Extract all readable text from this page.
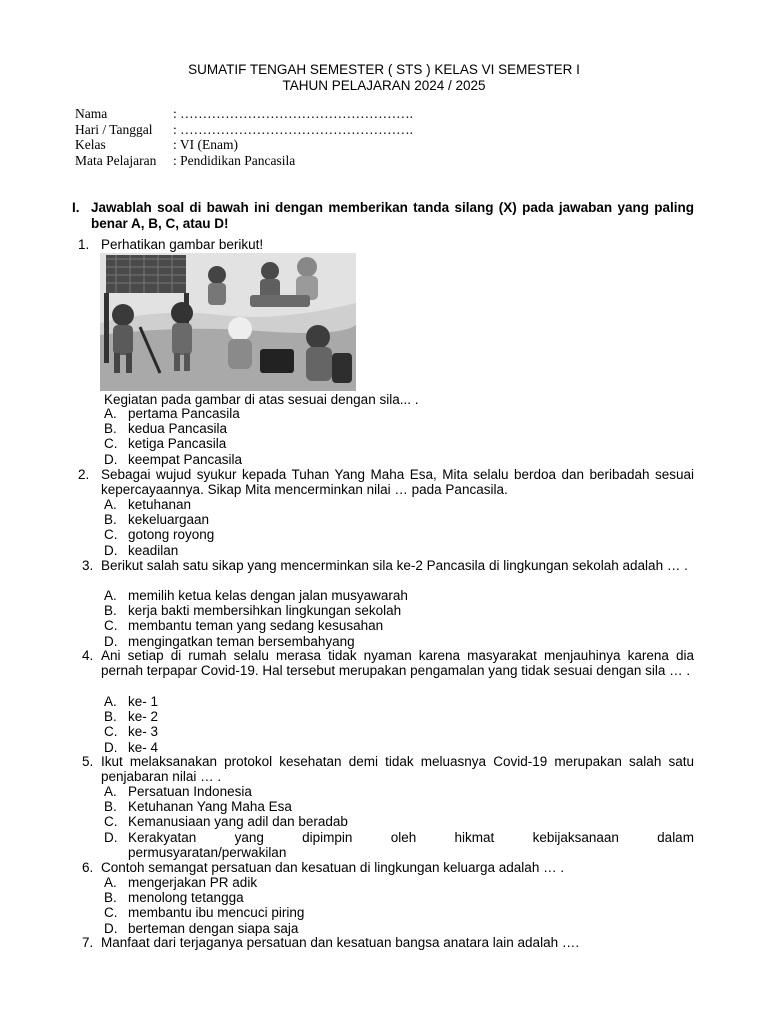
SUMATIF TENGAH SEMESTER ( STS ) KELAS VI SEMESTER I
TAHUN PELAJARAN 2024 / 2025
Nama	: …………………………………………….
Hari / Tanggal	: …………………………………………….
Kelas	: VI (Enam)
Mata Pelajaran	: Pendidikan Pancasila
I. Jawablah soal di bawah ini dengan memberikan tanda silang (X) pada jawaban yang paling benar A, B, C, atau D!
1. Perhatikan gambar berikut!
Kegiatan pada gambar di atas sesuai dengan sila... .
A. pertama Pancasila
B. kedua Pancasila
C. ketiga Pancasila
D. keempat Pancasila
2. Sebagai wujud syukur kepada Tuhan Yang Maha Esa, Mita selalu berdoa dan beribadah sesuai kepercayaannya. Sikap Mita mencerminkan nilai … pada Pancasila.
A. ketuhanan
B. kekeluargaan
C. gotong royong
D. keadilan
3. Berikut salah satu sikap yang mencerminkan sila ke-2 Pancasila di lingkungan sekolah adalah … .
A. memilih ketua kelas dengan jalan musyawarah
B. kerja bakti membersihkan lingkungan sekolah
C. membantu teman yang sedang kesusahan
D. mengingatkan teman bersembahyang
4. Ani setiap di rumah selalu merasa tidak nyaman karena masyarakat menjauhinya karena dia pernah terpapar Covid-19. Hal tersebut merupakan pengamalan yang tidak sesuai dengan sila … .
A. ke- 1
B. ke- 2
C. ke- 3
D. ke- 4
5. Ikut melaksanakan protokol kesehatan demi tidak meluasnya Covid-19 merupakan salah satu penjabaran nilai … .
A. Persatuan Indonesia
B. Ketuhanan Yang Maha Esa
C. Kemanusiaan yang adil dan beradab
D. Kerakyatan	yang	dipimpin	oleh	hikmat	kebijaksanaan	dalam
permusyaratan/perwakilan
6. Contoh semangat persatuan dan kesatuan di lingkungan keluarga adalah … .
A. mengerjakan PR adik
B. menolong tetangga
C. membantu ibu mencuci piring
D. berteman dengan siapa saja
7. Manfaat dari terjaganya persatuan dan kesatuan bangsa anatara lain adalah ….
